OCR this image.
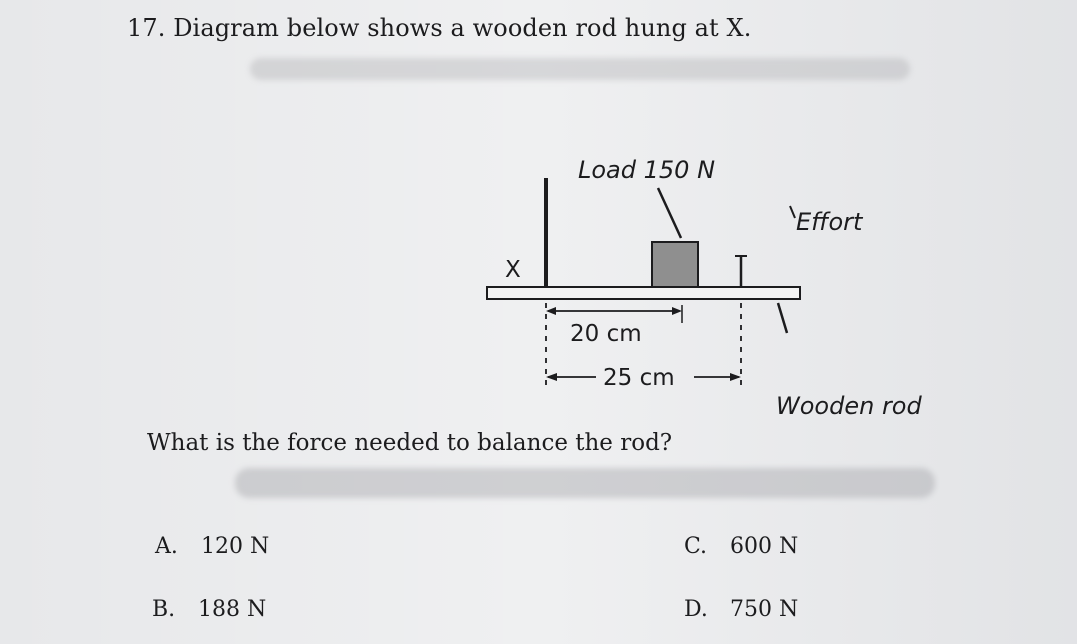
17. Diagram below shows a wooden rod hung at X.
Load 150 N
Effort
X
20 cm
25 cm
Wooden rod
What is the force needed to balance the rod?
A. 120 N
B. 188 N
C. 600 N
D. 750 N
